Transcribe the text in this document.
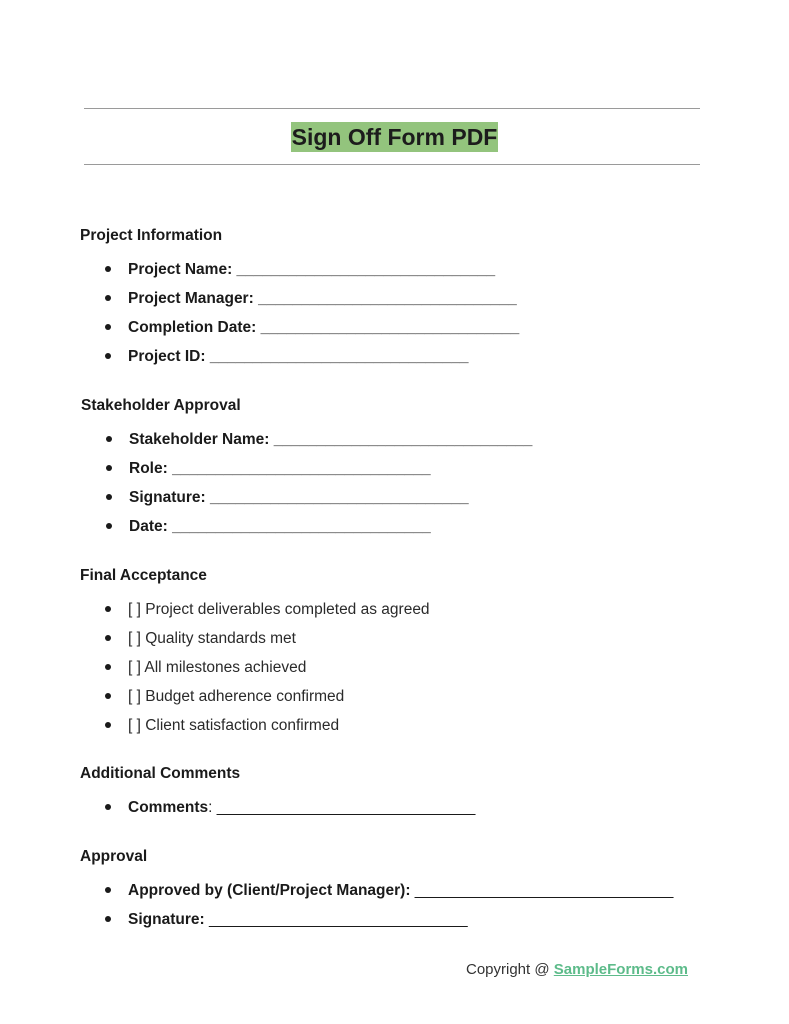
Sign Off Form PDF

Project Information

Project Name: ______________________________
Project Manager: ______________________________
Completion Date: ______________________________
Project ID: ______________________________

Stakeholder Approval

Stakeholder Name: ______________________________
Role: ______________________________
Signature: ______________________________
Date: ______________________________

Final Acceptance

[ ] Project deliverables completed as agreed
[ ] Quality standards met
[ ] All milestones achieved
[ ] Budget adherence confirmed
[ ] Client satisfaction confirmed

Additional Comments

Comments: ______________________________

Approval

Approved by (Client/Project Manager): ______________________________
Signature: ______________________________
Copyright @ SampleForms.com
